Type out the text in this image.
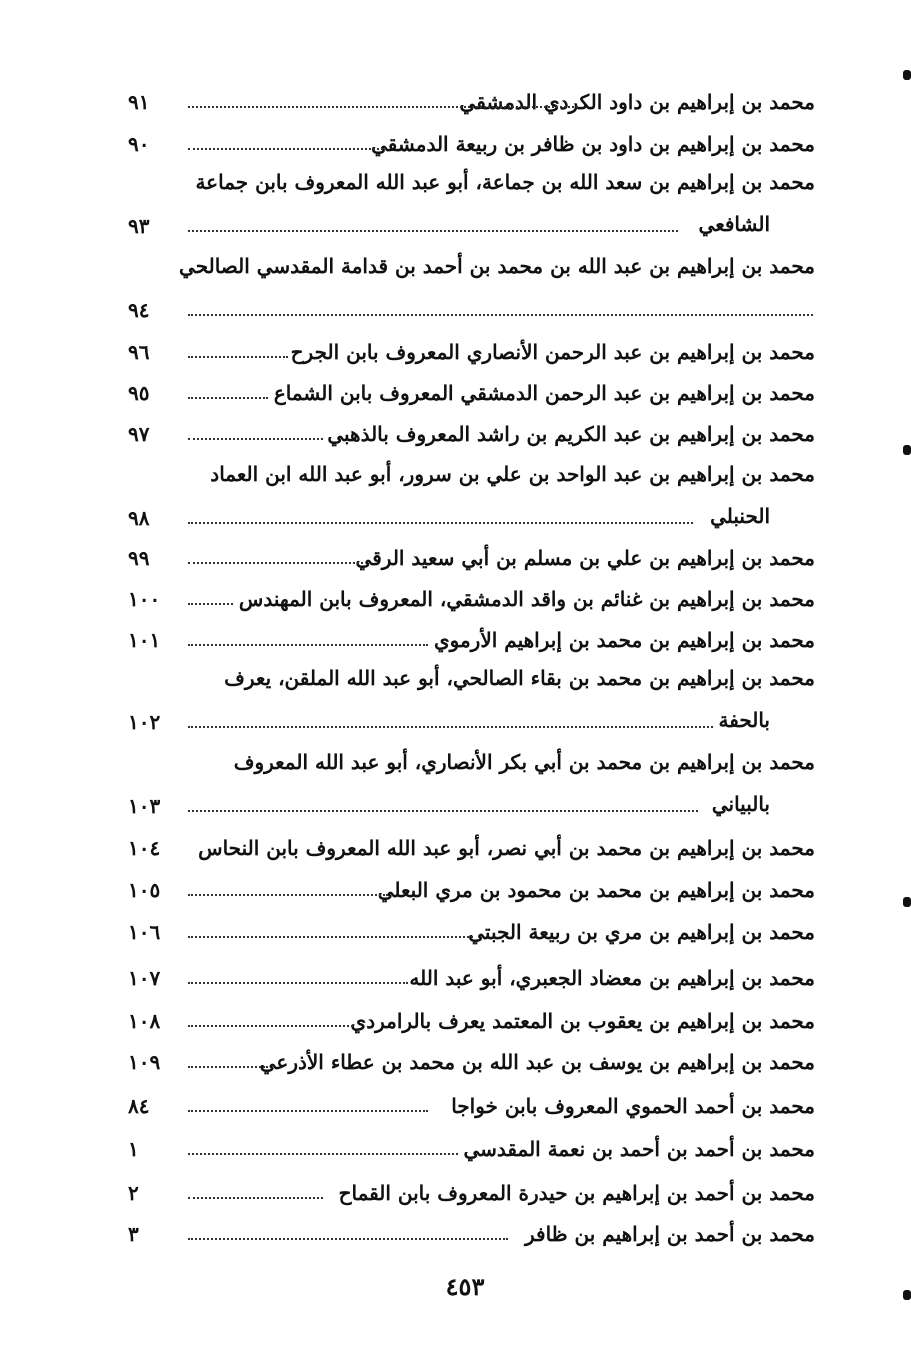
محمد بن إبراهيم بن داود الكردي الدمشقي
٩١
محمد بن إبراهيم بن داود بن ظافر بن ربيعة الدمشقي
٩٠
محمد بن إبراهيم بن سعد الله بن جماعة، أبو عبد الله المعروف بابن جماعة
الشافعي
٩٣
محمد بن إبراهيم بن عبد الله بن محمد بن أحمد بن قدامة المقدسي الصالحي
٩٤
محمد بن إبراهيم بن عبد الرحمن الأنصاري المعروف بابن الجرح
٩٦
محمد بن إبراهيم بن عبد الرحمن الدمشقي المعروف بابن الشماع
٩٥
محمد بن إبراهيم بن عبد الكريم بن راشد المعروف بالذهبي
٩٧
محمد بن إبراهيم بن عبد الواحد بن علي بن سرور، أبو عبد الله ابن العماد
الحنبلي
٩٨
محمد بن إبراهيم بن علي بن مسلم بن أبي سعيد الرقي
٩٩
محمد بن إبراهيم بن غنائم بن واقد الدمشقي، المعروف بابن المهندس
١٠٠
محمد بن إبراهيم بن محمد بن إبراهيم الأرموي
١٠١
محمد بن إبراهيم بن محمد بن بقاء الصالحي، أبو عبد الله الملقن، يعرف
بالحفة
١٠٢
محمد بن إبراهيم بن محمد بن أبي بكر الأنصاري، أبو عبد الله المعروف
بالبياني
١٠٣
محمد بن إبراهيم بن محمد بن أبي نصر، أبو عبد الله المعروف بابن النحاس
١٠٤
محمد بن إبراهيم بن محمد بن محمود بن مري البعلي
١٠٥
محمد بن إبراهيم بن مري بن ربيعة الجبتي
١٠٦
محمد بن إبراهيم بن معضاد الجعبري، أبو عبد الله
١٠٧
محمد بن إبراهيم بن يعقوب بن المعتمد يعرف بالرامردي
١٠٨
محمد بن إبراهيم بن يوسف بن عبد الله بن محمد بن عطاء الأذرعي
١٠٩
محمد بن أحمد الحموي المعروف بابن خواجا
٨٤
محمد بن أحمد بن أحمد بن نعمة المقدسي
١
محمد بن أحمد بن إبراهيم بن حيدرة المعروف بابن القماح
٢
محمد بن أحمد بن إبراهيم بن ظافر
٣
٤٥٣
